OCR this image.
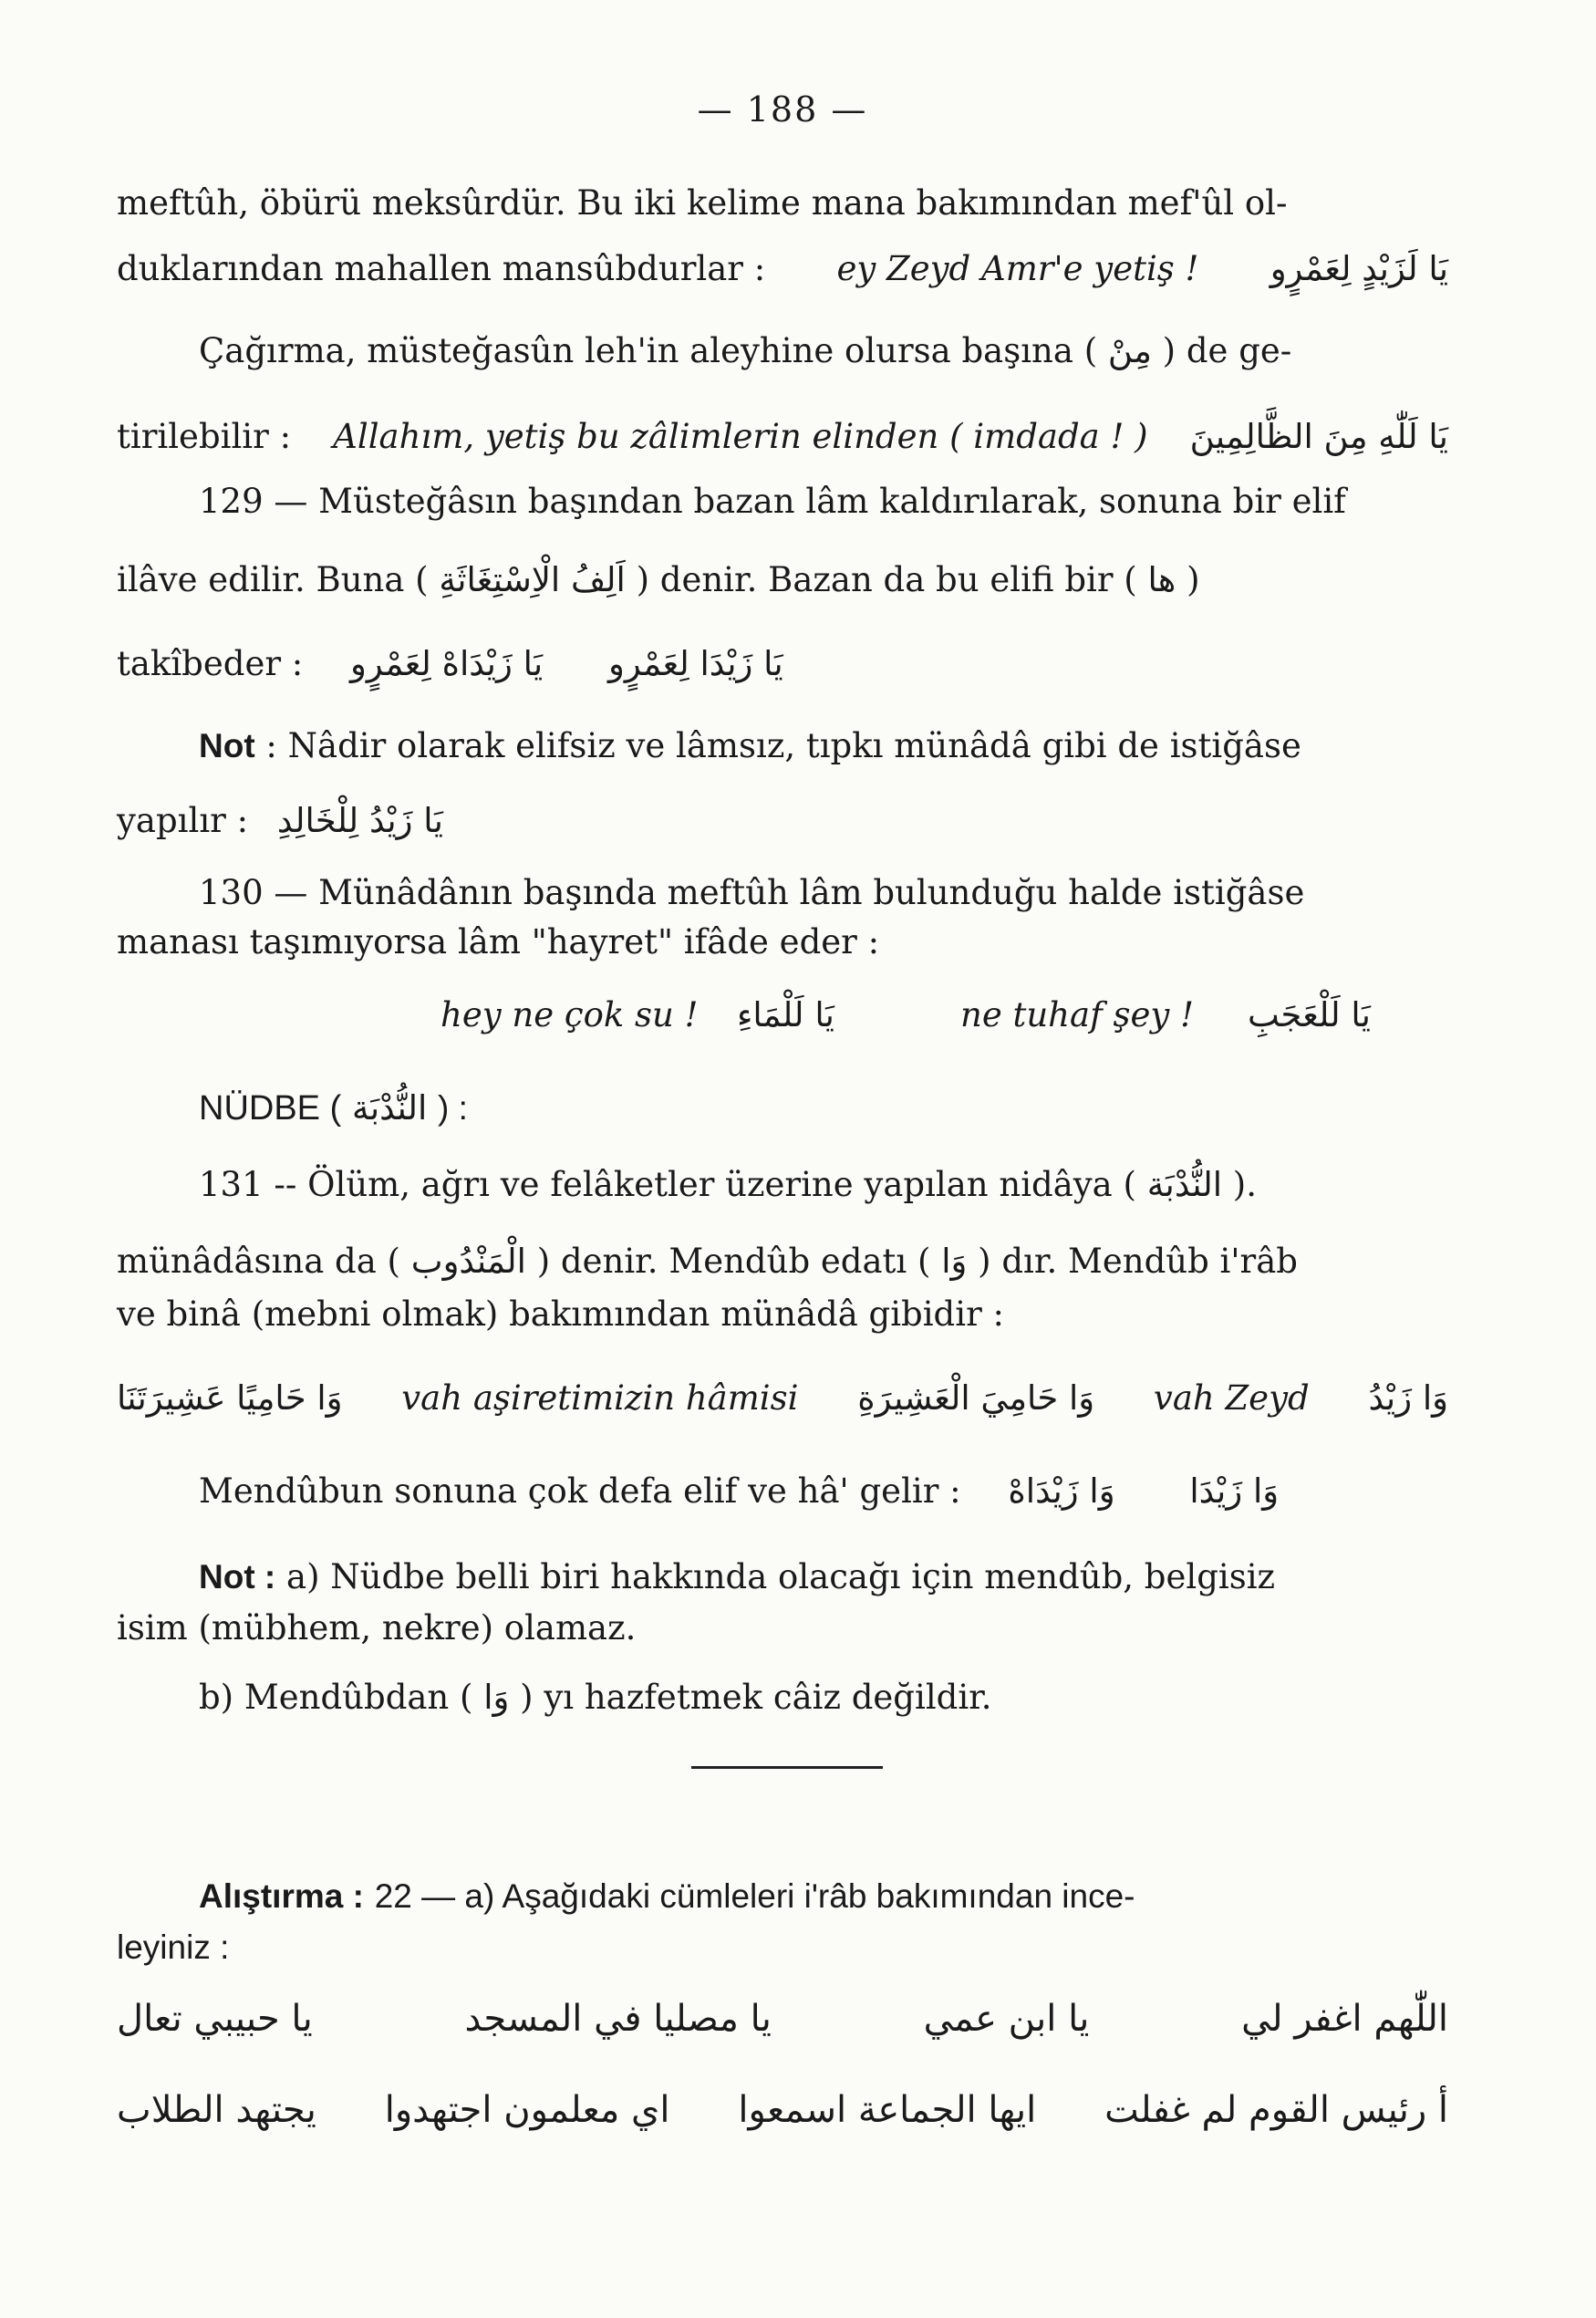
— 188 —
meftûh, öbürü meksûrdür. Bu iki kelime mana bakımından mef'ûl ol-
duklarından mahallen mansûbdurlar : ey Zeyd Amr'e yetiş ! يَا لَزَيْدٍ لِعَمْرٍو
Çağırma, müsteğasûn leh'in aleyhine olursa başına ( مِنْ ) de ge-
tirilebilir : Allahım, yetiş bu zâlimlerin elinden ( imdada ! ) يَا لَلّٰهِ مِنَ الظَّالِمِينَ
129 — Müsteğâsın başından bazan lâm kaldırılarak, sonuna bir elif
ilâve edilir. Buna ( اَلِفُ الْاِسْتِغَاثَةِ ) denir. Bazan da bu elifi bir ( ها )
takîbeder : يَا زَيْدَاهْ لِعَمْرٍو يَا زَيْدَا لِعَمْرٍو
Not : Nâdir olarak elifsiz ve lâmsız, tıpkı münâdâ gibi de istiğâse
yapılır : يَا زَيْدُ لِلْخَالِدِ
130 — Münâdânın başında meftûh lâm bulunduğu halde istiğâse
manası taşımıyorsa lâm "hayret" ifâde eder :
hey ne çok su ! يَا لَلْمَاءِ	ne tuhaf şey ! يَا لَلْعَجَبِ
NÜDBE ( النُّدْبَة ) :
131 -- Ölüm, ağrı ve felâketler üzerine yapılan nidâya ( النُّدْبَة ).
münâdâsına da ( الْمَنْدُوب ) denir. Mendûb edatı ( وَا ) dır. Mendûb i'râb
ve binâ (mebni olmak) bakımından münâdâ gibidir :
وَا حَامِيًا عَشِيرَتَنَا vah aşiretimizin hâmisi وَا حَامِيَ الْعَشِيرَةِ vah Zeyd وَا زَيْدُ
Mendûbun sonuna çok defa elif ve hâ' gelir : وَا زَيْدَاهْ وَا زَيْدَا
Not : a) Nüdbe belli biri hakkında olacağı için mendûb, belgisiz
isim (mübhem, nekre) olamaz.
b) Mendûbdan ( وَا ) yı hazfetmek câiz değildir.
Alıştırma : 22 — a) Aşağıdaki cümleleri i'râb bakımından ince-
leyiniz :
اللّٰهم اغفر لي
يا ابن عمي
يا مصليا في المسجد
يا حبيبي تعال
أ رئيس القوم لم غفلت
ايها الجماعة اسمعوا
اي معلمون اجتهدوا
يجتهد الطلاب
